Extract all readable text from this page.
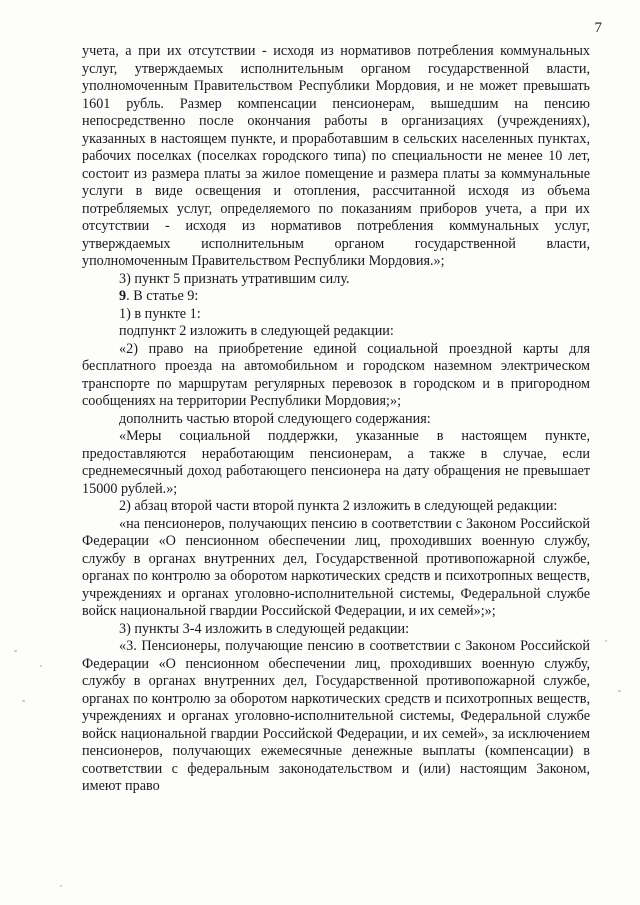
7

учета, а при их отсутствии - исходя из нормативов потребления коммунальных услуг, утверждаемых исполнительным органом государственной власти, уполномоченным Правительством Республики Мордовия, и не может превышать 1601 рубль. Размер компенсации пенсионерам, вышедшим на пенсию непосредственно после окончания работы в организациях (учреждениях), указанных в настоящем пункте, и проработавшим в сельских населенных пунктах, рабочих поселках (поселках городского типа) по специальности не менее 10 лет, состоит из размера платы за жилое помещение и размера платы за коммунальные услуги в виде освещения и отопления, рассчитанной исходя из объема потребляемых услуг, определяемого по показаниям приборов учета, а при их отсутствии - исходя из нормативов потребления коммунальных услуг, утверждаемых исполнительным органом государственной власти, уполномоченным Правительством Республики Мордовия.»;

3) пункт 5 признать утратившим силу.

9. В статье 9:

1) в пункте 1:

подпункт 2 изложить в следующей редакции:

«2) право на приобретение единой социальной проездной карты для бесплатного проезда на автомобильном и городском наземном электрическом транспорте по маршрутам регулярных перевозок в городском и в пригородном сообщениях на территории Республики Мордовия;»;

дополнить частью второй следующего содержания:

«Меры социальной поддержки, указанные в настоящем пункте, предоставляются неработающим пенсионерам, а также в случае, если среднемесячный доход работающего пенсионера на дату обращения не превышает 15000 рублей.»;

2) абзац второй части второй пункта 2 изложить в следующей редакции:

«на пенсионеров, получающих пенсию в соответствии с Законом Российской Федерации «О пенсионном обеспечении лиц, проходивших военную службу, службу в органах внутренних дел, Государственной противопожарной службе, органах по контролю за оборотом наркотических средств и психотропных веществ, учреждениях и органах уголовно-исполнительной системы, Федеральной службе войск национальной гвардии Российской Федерации, и их семей»;»;

3) пункты 3-4 изложить в следующей редакции:

«3. Пенсионеры, получающие пенсию в соответствии с Законом Российской Федерации «О пенсионном обеспечении лиц, проходивших военную службу, службу в органах внутренних дел, Государственной противопожарной службе, органах по контролю за оборотом наркотических средств и психотропных веществ, учреждениях и органах уголовно-исполнительной системы, Федеральной службе войск национальной гвардии Российской Федерации, и их семей», за исключением пенсионеров, получающих ежемесячные денежные выплаты (компенсации) в соответствии с федеральным законодательством и (или) настоящим Законом, имеют право
